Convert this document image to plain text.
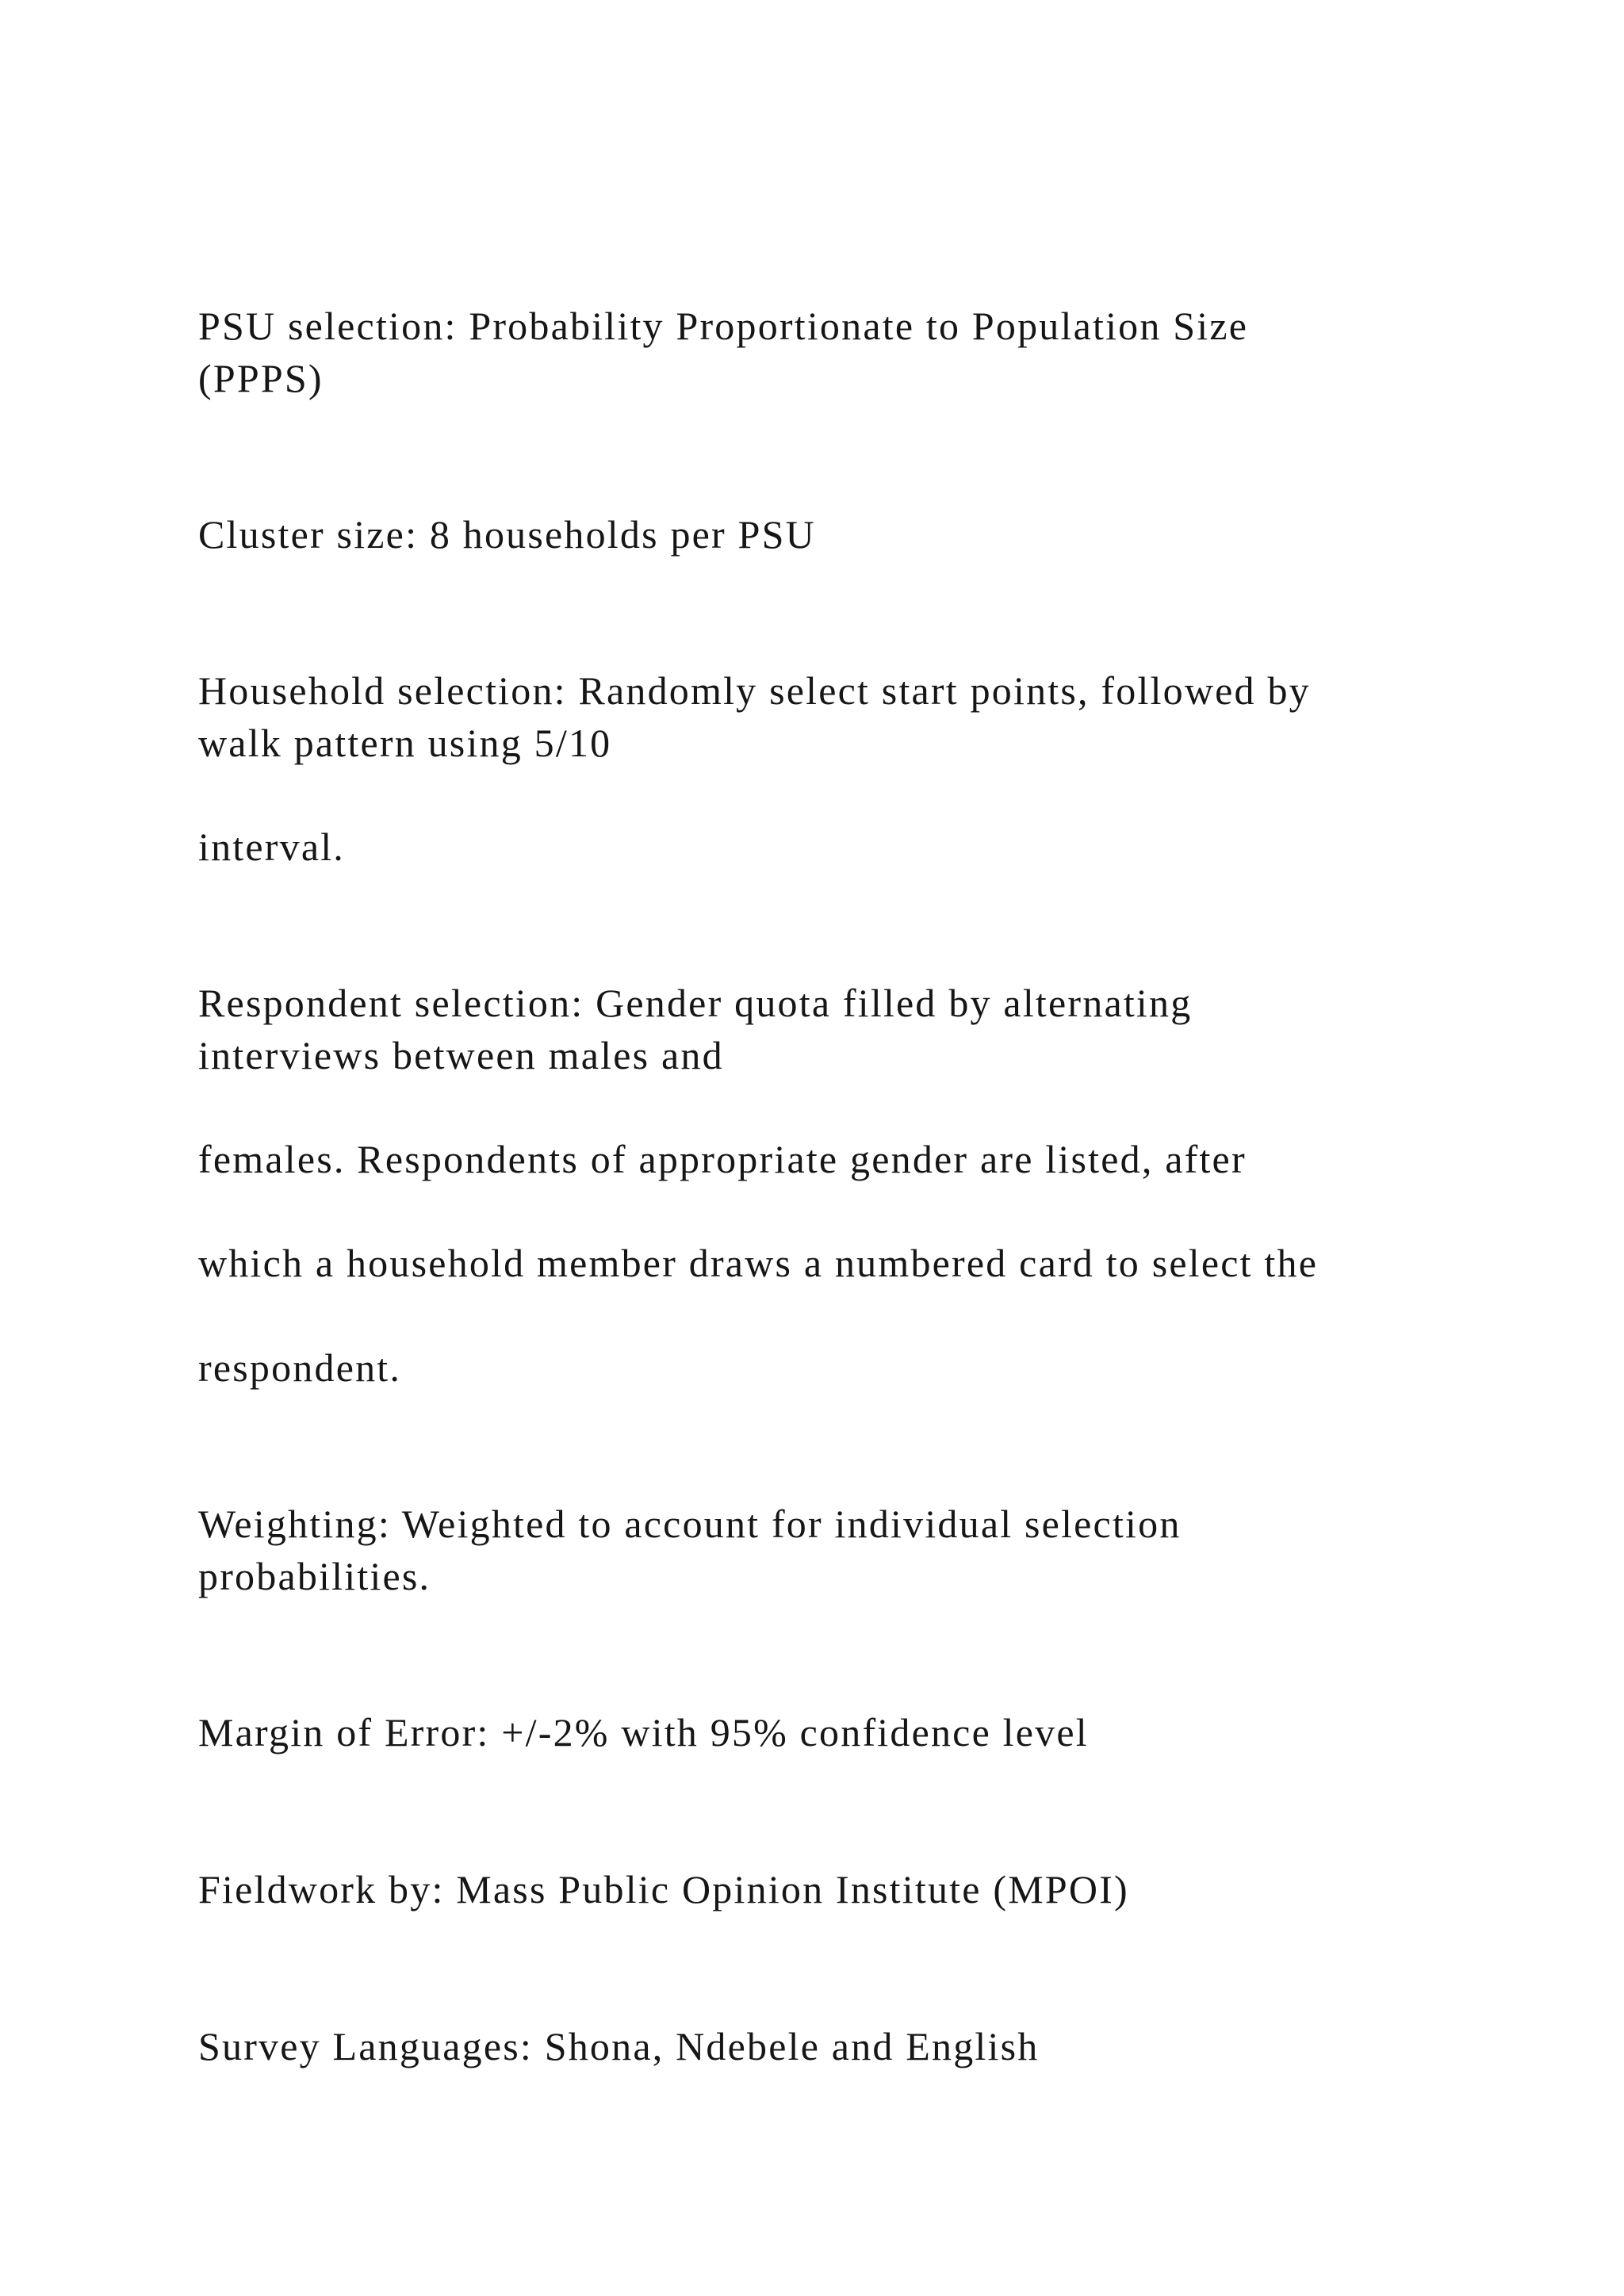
PSU selection: Probability Proportionate to Population Size

(PPPS)

Cluster size: 8 households per PSU

Household selection: Randomly select start points, followed by

walk pattern using 5/10

interval.

Respondent selection: Gender quota filled by alternating

interviews between males and

females. Respondents of appropriate gender are listed, after

which a household member draws a numbered card to select the

respondent.

Weighting: Weighted to account for individual selection

probabilities.

Margin of Error: +/-2% with 95% confidence level

Fieldwork by: Mass Public Opinion Institute (MPOI)

Survey Languages: Shona, Ndebele and English
